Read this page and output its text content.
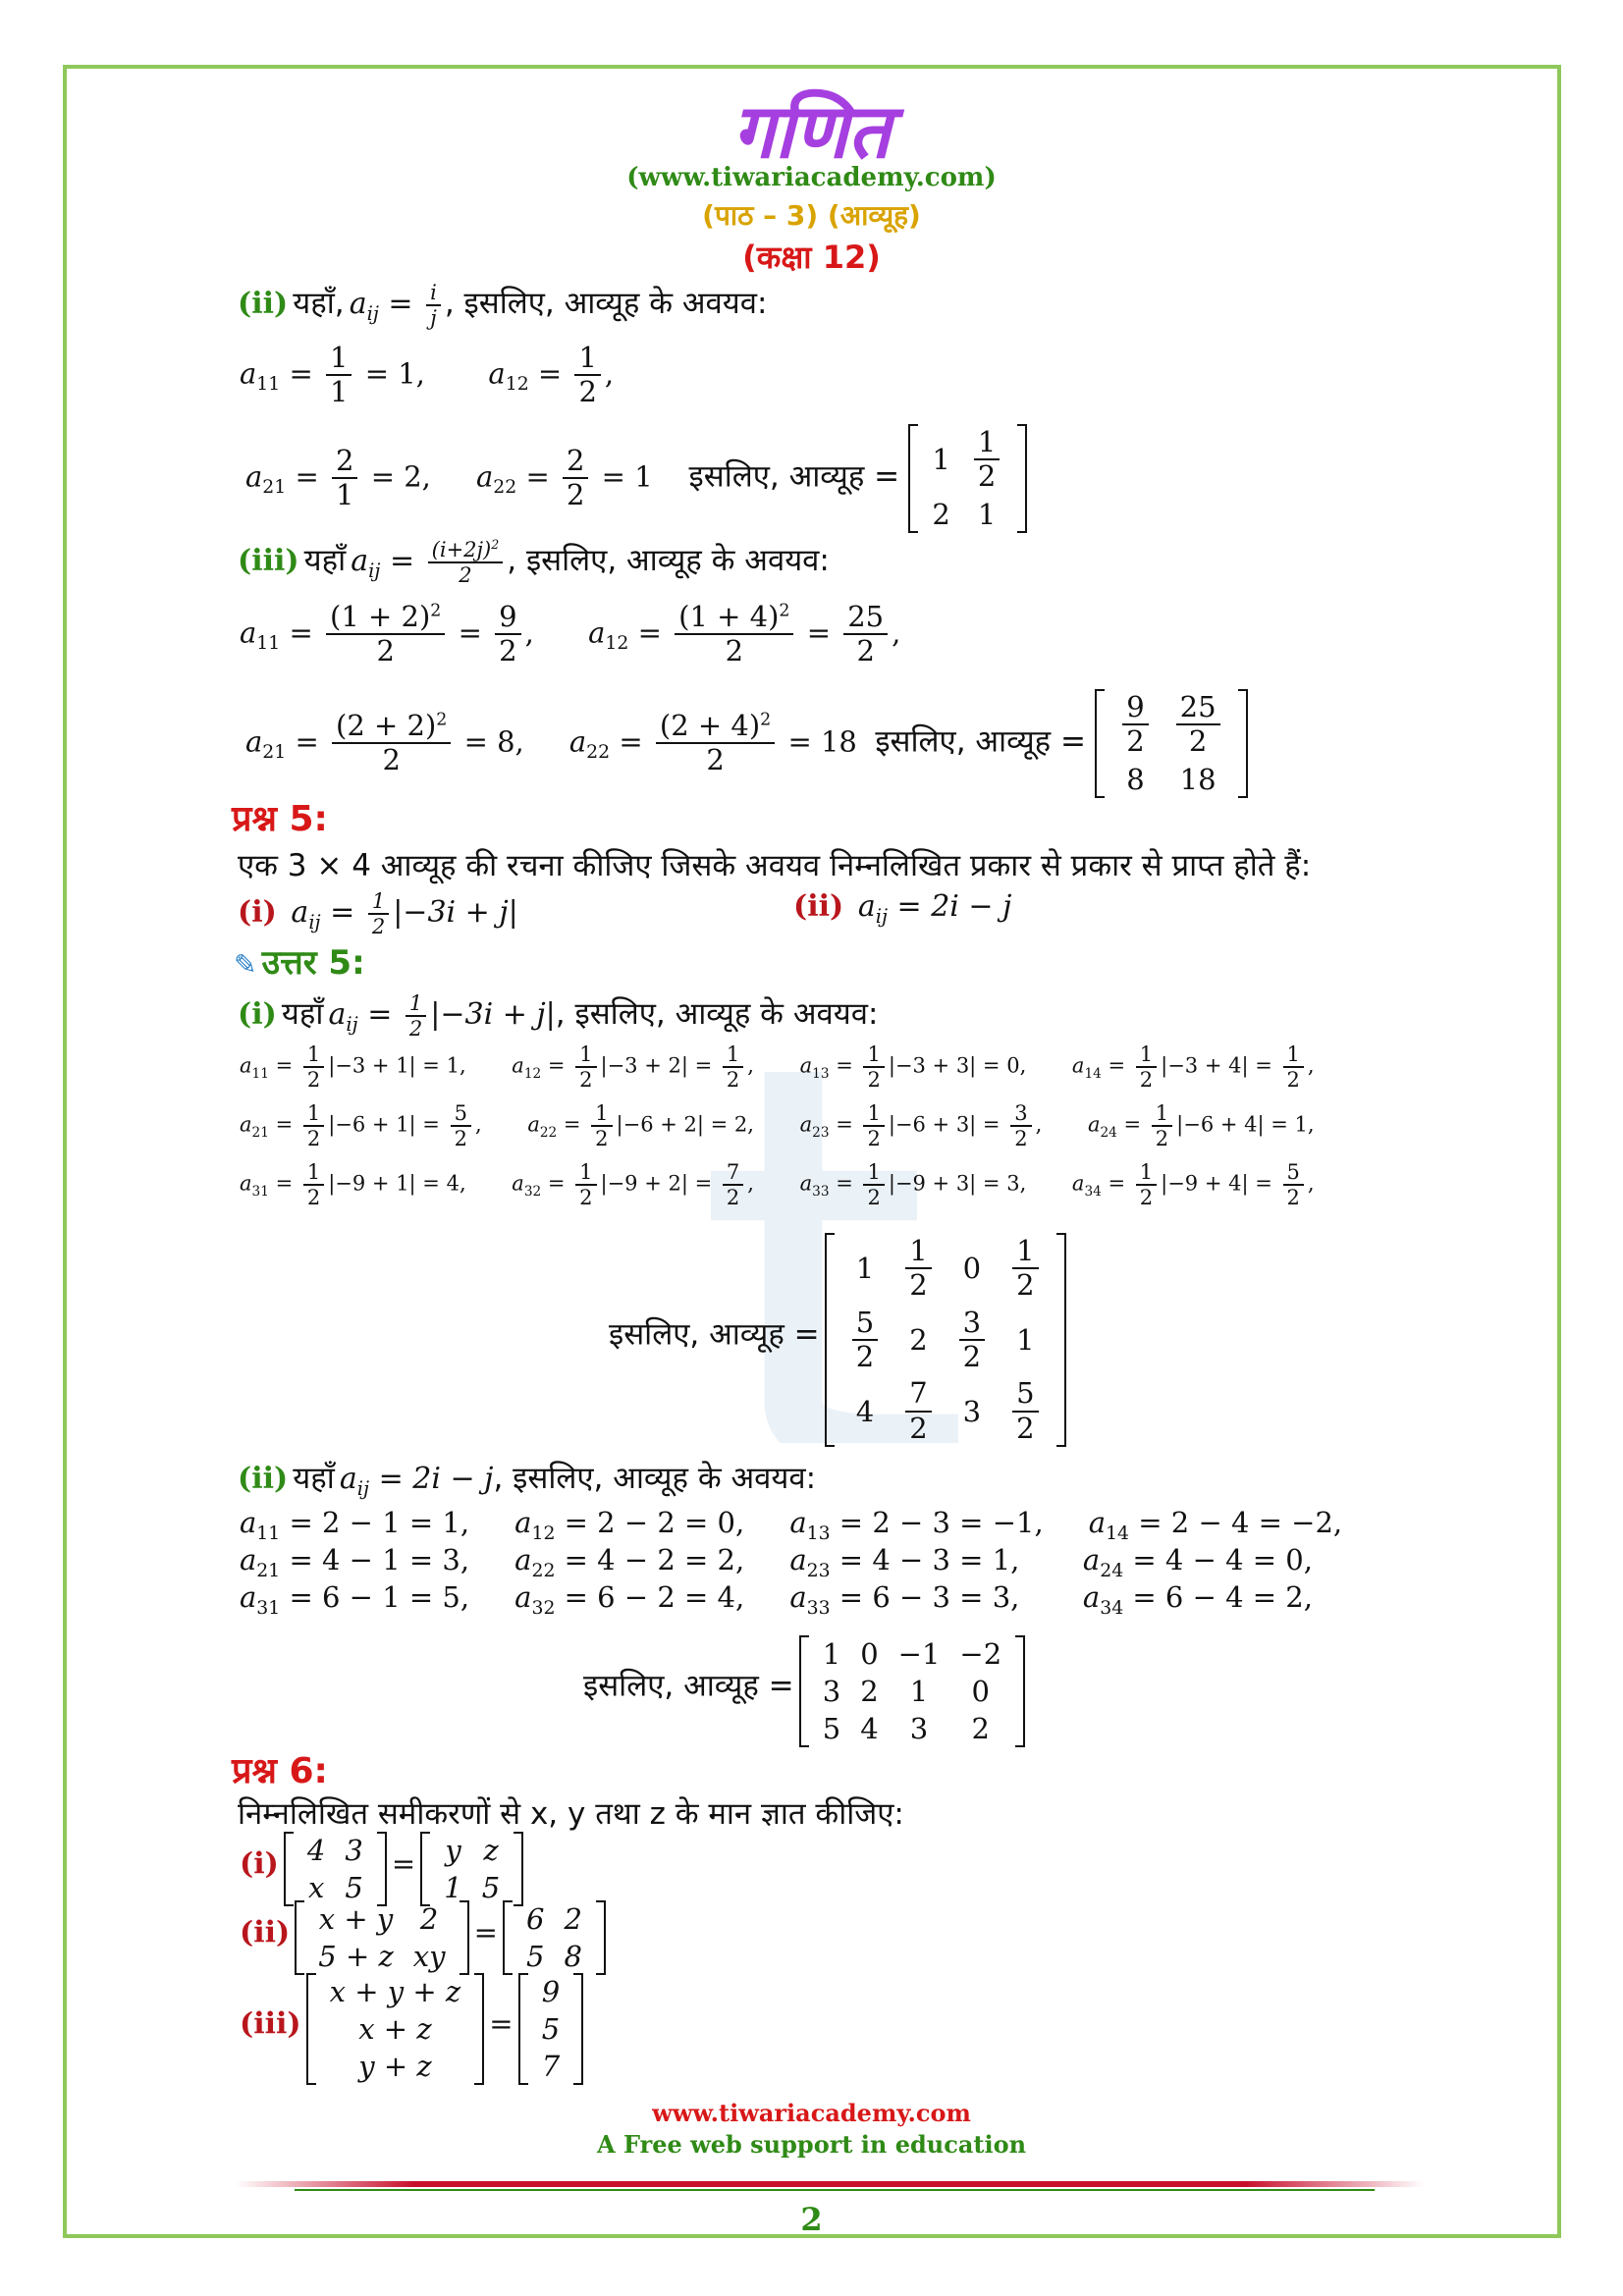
गणित
(www.tiwariacademy.com)
(पाठ – 3) (आव्यूह)
(कक्षा 12)
(ii) यहाँ, $a_{ij} = \frac{i}{j}$ , इसलिए, आव्यूह के अवयव:
$a_{11} = \frac{1}{1} = 1$,       $a_{12} = \frac{1}{2}$ ,
$a_{21} = \frac{2}{1} = 2$,     $a_{22} = \frac{2}{2} = 1$    इसलिए, आव्यूह = 1	$\frac{1}{2}$

2	1
(iii) यहाँ $a_{ij} = \frac{(i+2j)^2}{2}$ , इसलिए, आव्यूह के अवयव:
$a_{11} = \frac{(1 + 2)^2}{2} = \frac{9}{2}$ ,      $a_{12} = \frac{(1 + 4)^2}{2} = \frac{25}{2}$ ,
$a_{21} = \frac{(2 + 2)^2}{2} = 8$,     $a_{22} = \frac{(2 + 4)^2}{2} = 18$  इसलिए, आव्यूह = $\frac{9}{2}$	$\frac{25}{2}$

8	18
प्रश्न 5:
एक 3 × 4 आव्यूह की रचना कीजिए जिसके अवयव निम्नलिखित प्रकार से प्रकार से प्राप्त होते हैं:
(i)  $a_{ij} = \frac{1}{2} |-3i + j|$	(ii)  $a_{ij} = 2i - j$
✎ उत्तर 5:
(i) यहाँ $a_{ij} = \frac{1}{2} |-3i + j|$, इसलिए, आव्यूह के अवयव:
$a_{11} = \frac{1}{2} |-3 + 1| = 1$, $a_{12} = \frac{1}{2} |-3 + 2| = \frac{1}{2}$ , $a_{13} = \frac{1}{2} |-3 + 3| = 0$, $a_{14} = \frac{1}{2} |-3 + 4| = \frac{1}{2}$ ,
$a_{21} = \frac{1}{2} |-6 + 1| = \frac{5}{2}$ , $a_{22} = \frac{1}{2} |-6 + 2| = 2$, $a_{23} = \frac{1}{2} |-6 + 3| = \frac{3}{2}$ , $a_{24} = \frac{1}{2} |-6 + 4| = 1$,
$a_{31} = \frac{1}{2} |-9 + 1| = 4$, $a_{32} = \frac{1}{2} |-9 + 2| = \frac{7}{2}$ , $a_{33} = \frac{1}{2} |-9 + 3| = 3$, $a_{34} = \frac{1}{2} |-9 + 4| = \frac{5}{2}$ ,
इसलिए, आव्यूह =
1	$\frac{1}{2}$	0	$\frac{1}{2}$

$\frac{5}{2}$	2	$\frac{3}{2}$	1
4	$\frac{7}{2}$	3	$\frac{5}{2}$
(ii) यहाँ $a_{ij} = 2i - j$, इसलिए, आव्यूह के अवयव:
$a_{11} = 2 - 1 = 1$,     $a_{12} = 2 - 2 = 0$,     $a_{13} = 2 - 3 = -1$,     $a_{14} = 2 - 4 = -2$,
$a_{21} = 4 - 1 = 3$,     $a_{22} = 4 - 2 = 2$,     $a_{23} = 4 - 3 = 1$,       $a_{24} = 4 - 4 = 0$,
$a_{31} = 6 - 1 = 5$,     $a_{32} = 6 - 2 = 4$,     $a_{33} = 6 - 3 = 3$,       $a_{34} = 6 - 4 = 2$,
इसलिए, आव्यूह =
1	0	−1	−2
3	2	1	0
5	4	3	2
प्रश्न 6:
निम्नलिखित समीकरणों से x, y तथा z के मान ज्ञात कीजिए:
(i) 4	3
x	5
= y	z
1	5
(ii) x + y	2
5 + z	xy
= 6	2
5	8
(iii)
x + y + z
x + z
y + z
=
9
5
7
www.tiwariacademy.com
A Free web support in education
2
